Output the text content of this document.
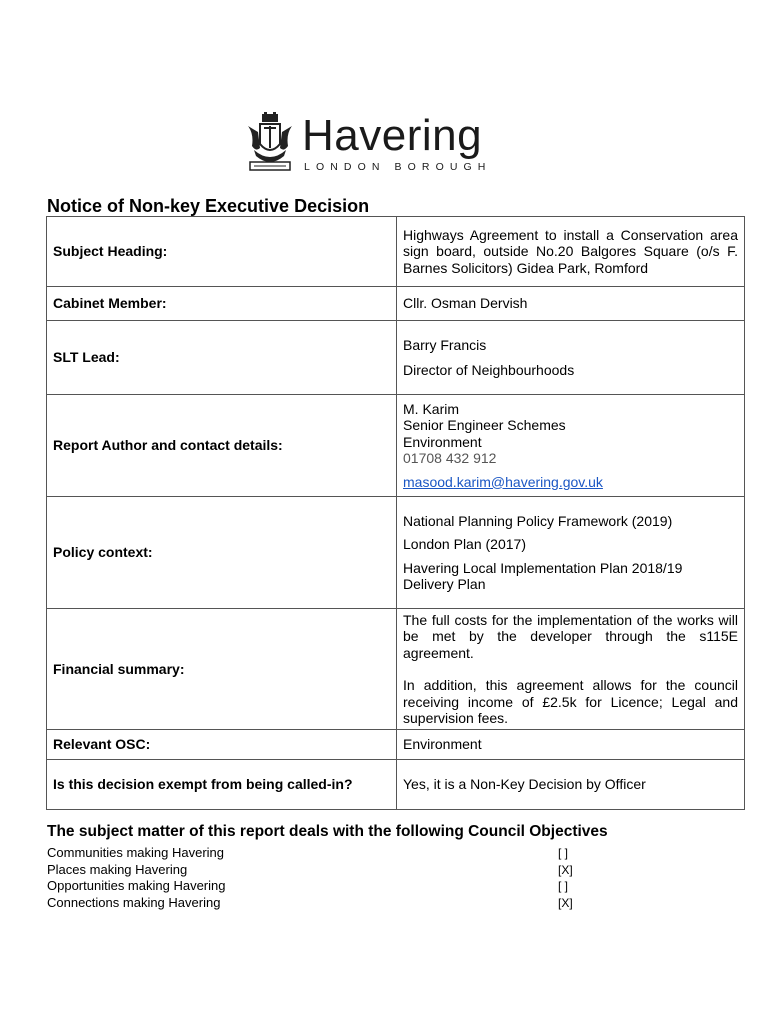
Havering
LONDON BOROUGH
Notice of Non-key Executive Decision
Subject Heading:	Highways Agreement to install a Conservation area sign board, outside No.20 Balgores Square (o/s F. Barnes Solicitors) Gidea Park, Romford

Cabinet Member:	Cllr. Osman Dervish
SLT Lead:	Barry Francis

Director of Neighbourhoods

Report Author and contact details:	M. Karim

Senior Engineer Schemes

Environment

01708 432 912

masood.karim@havering.gov.uk

Policy context:	National Planning Policy Framework (2019)

London Plan (2017)

Havering Local Implementation Plan 2018/19 Delivery Plan

Financial summary:	The full costs for the implementation of the works will be met by the developer through the s115E agreement.

In addition, this agreement allows for the council receiving income of £2.5k for Licence; Legal and supervision fees.

Relevant OSC:	Environment
Is this decision exempt from being called-in?	Yes, it is a Non-Key Decision by Officer
The subject matter of this report deals with the following Council Objectives
Communities making Havering	[ ]
Places making Havering	[X]
Opportunities making Havering	[ ]
Connections making Havering	[X]
